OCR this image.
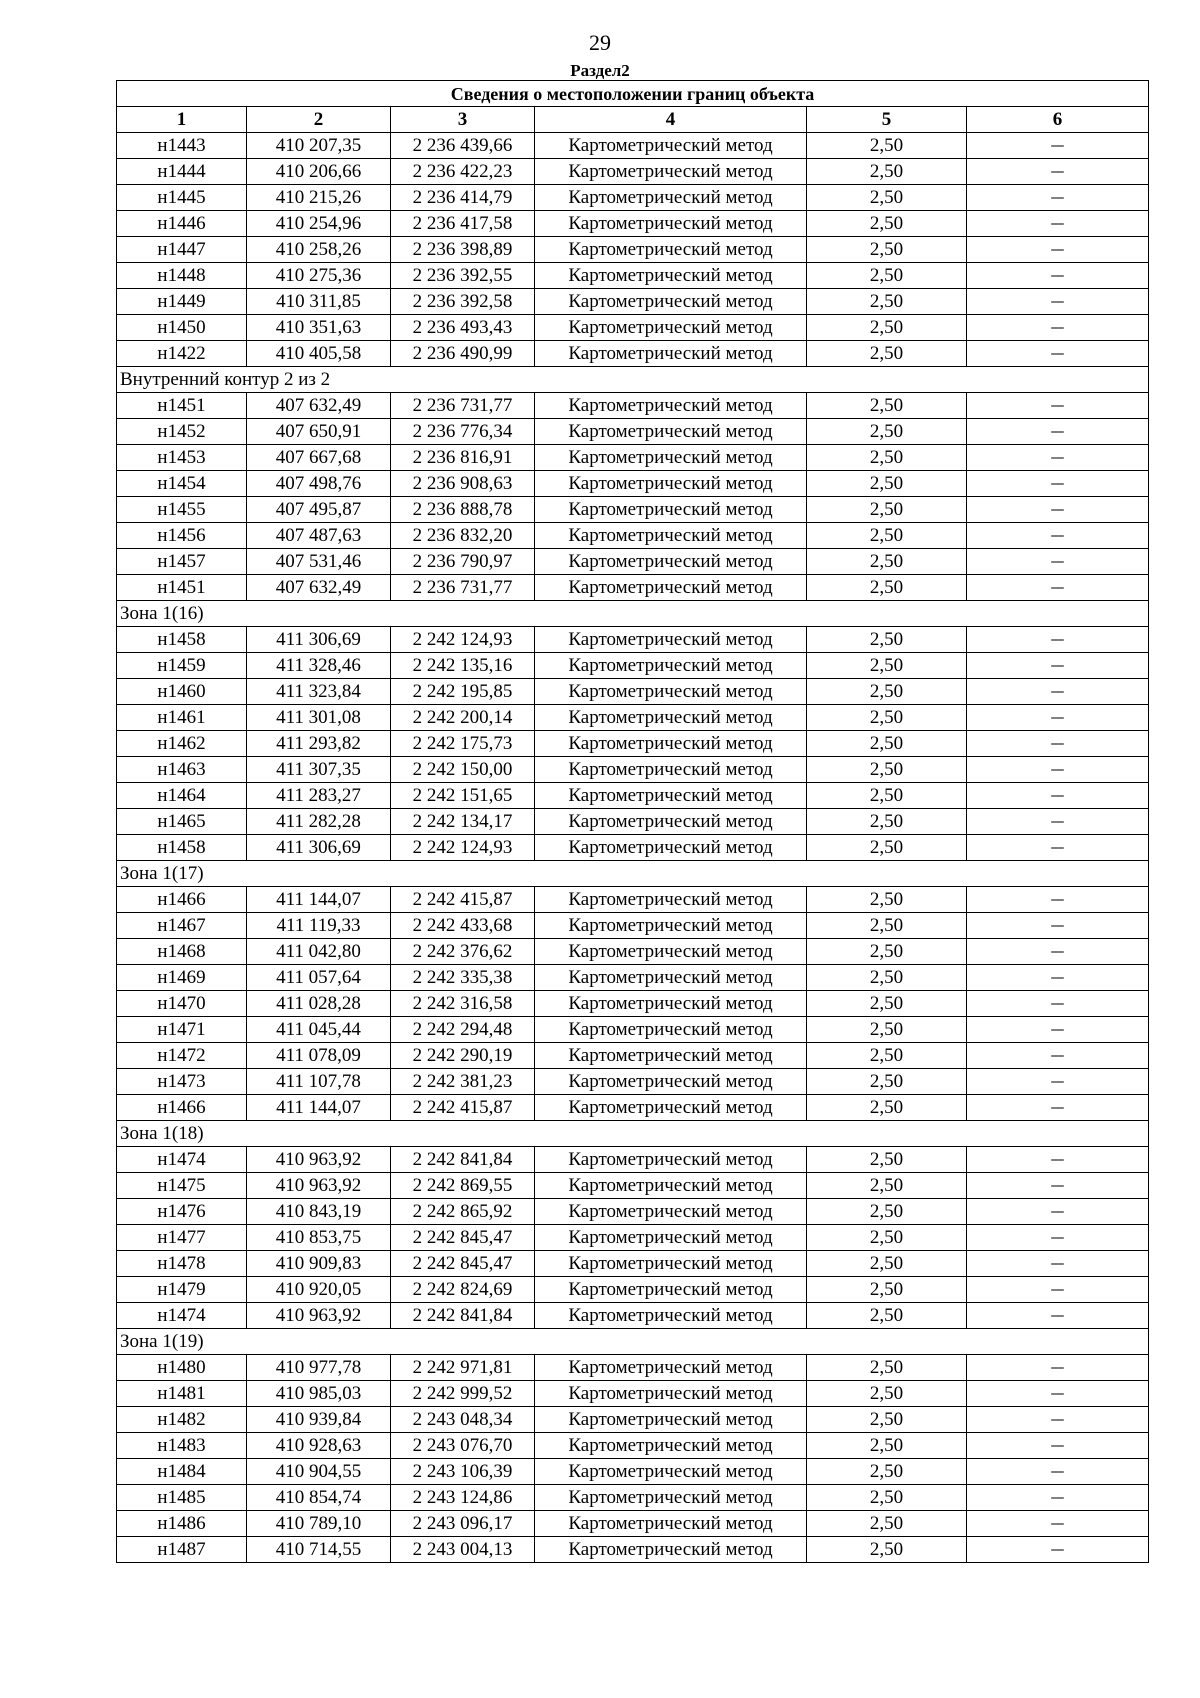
29
Раздел2
Сведения о местоположении границ объекта					
1	2	3	4	5	6
н1443	410 207,35	2 236 439,66	Картометрический метод	2,50	—
н1444	410 206,66	2 236 422,23	Картометрический метод	2,50	—
н1445	410 215,26	2 236 414,79	Картометрический метод	2,50	—
н1446	410 254,96	2 236 417,58	Картометрический метод	2,50	—
н1447	410 258,26	2 236 398,89	Картометрический метод	2,50	—
н1448	410 275,36	2 236 392,55	Картометрический метод	2,50	—
н1449	410 311,85	2 236 392,58	Картометрический метод	2,50	—
н1450	410 351,63	2 236 493,43	Картометрический метод	2,50	—
н1422	410 405,58	2 236 490,99	Картометрический метод	2,50	—
Внутренний контур 2 из 2					
н1451	407 632,49	2 236 731,77	Картометрический метод	2,50	—
н1452	407 650,91	2 236 776,34	Картометрический метод	2,50	—
н1453	407 667,68	2 236 816,91	Картометрический метод	2,50	—
н1454	407 498,76	2 236 908,63	Картометрический метод	2,50	—
н1455	407 495,87	2 236 888,78	Картометрический метод	2,50	—
н1456	407 487,63	2 236 832,20	Картометрический метод	2,50	—
н1457	407 531,46	2 236 790,97	Картометрический метод	2,50	—
н1451	407 632,49	2 236 731,77	Картометрический метод	2,50	—
Зона 1(16)					
н1458	411 306,69	2 242 124,93	Картометрический метод	2,50	—
н1459	411 328,46	2 242 135,16	Картометрический метод	2,50	—
н1460	411 323,84	2 242 195,85	Картометрический метод	2,50	—
н1461	411 301,08	2 242 200,14	Картометрический метод	2,50	—
н1462	411 293,82	2 242 175,73	Картометрический метод	2,50	—
н1463	411 307,35	2 242 150,00	Картометрический метод	2,50	—
н1464	411 283,27	2 242 151,65	Картометрический метод	2,50	—
н1465	411 282,28	2 242 134,17	Картометрический метод	2,50	—
н1458	411 306,69	2 242 124,93	Картометрический метод	2,50	—
Зона 1(17)					
н1466	411 144,07	2 242 415,87	Картометрический метод	2,50	—
н1467	411 119,33	2 242 433,68	Картометрический метод	2,50	—
н1468	411 042,80	2 242 376,62	Картометрический метод	2,50	—
н1469	411 057,64	2 242 335,38	Картометрический метод	2,50	—
н1470	411 028,28	2 242 316,58	Картометрический метод	2,50	—
н1471	411 045,44	2 242 294,48	Картометрический метод	2,50	—
н1472	411 078,09	2 242 290,19	Картометрический метод	2,50	—
н1473	411 107,78	2 242 381,23	Картометрический метод	2,50	—
н1466	411 144,07	2 242 415,87	Картометрический метод	2,50	—
Зона 1(18)					
н1474	410 963,92	2 242 841,84	Картометрический метод	2,50	—
н1475	410 963,92	2 242 869,55	Картометрический метод	2,50	—
н1476	410 843,19	2 242 865,92	Картометрический метод	2,50	—
н1477	410 853,75	2 242 845,47	Картометрический метод	2,50	—
н1478	410 909,83	2 242 845,47	Картометрический метод	2,50	—
н1479	410 920,05	2 242 824,69	Картометрический метод	2,50	—
н1474	410 963,92	2 242 841,84	Картометрический метод	2,50	—
Зона 1(19)					
н1480	410 977,78	2 242 971,81	Картометрический метод	2,50	—
н1481	410 985,03	2 242 999,52	Картометрический метод	2,50	—
н1482	410 939,84	2 243 048,34	Картометрический метод	2,50	—
н1483	410 928,63	2 243 076,70	Картометрический метод	2,50	—
н1484	410 904,55	2 243 106,39	Картометрический метод	2,50	—
н1485	410 854,74	2 243 124,86	Картометрический метод	2,50	—
н1486	410 789,10	2 243 096,17	Картометрический метод	2,50	—
н1487	410 714,55	2 243 004,13	Картометрический метод	2,50	—
